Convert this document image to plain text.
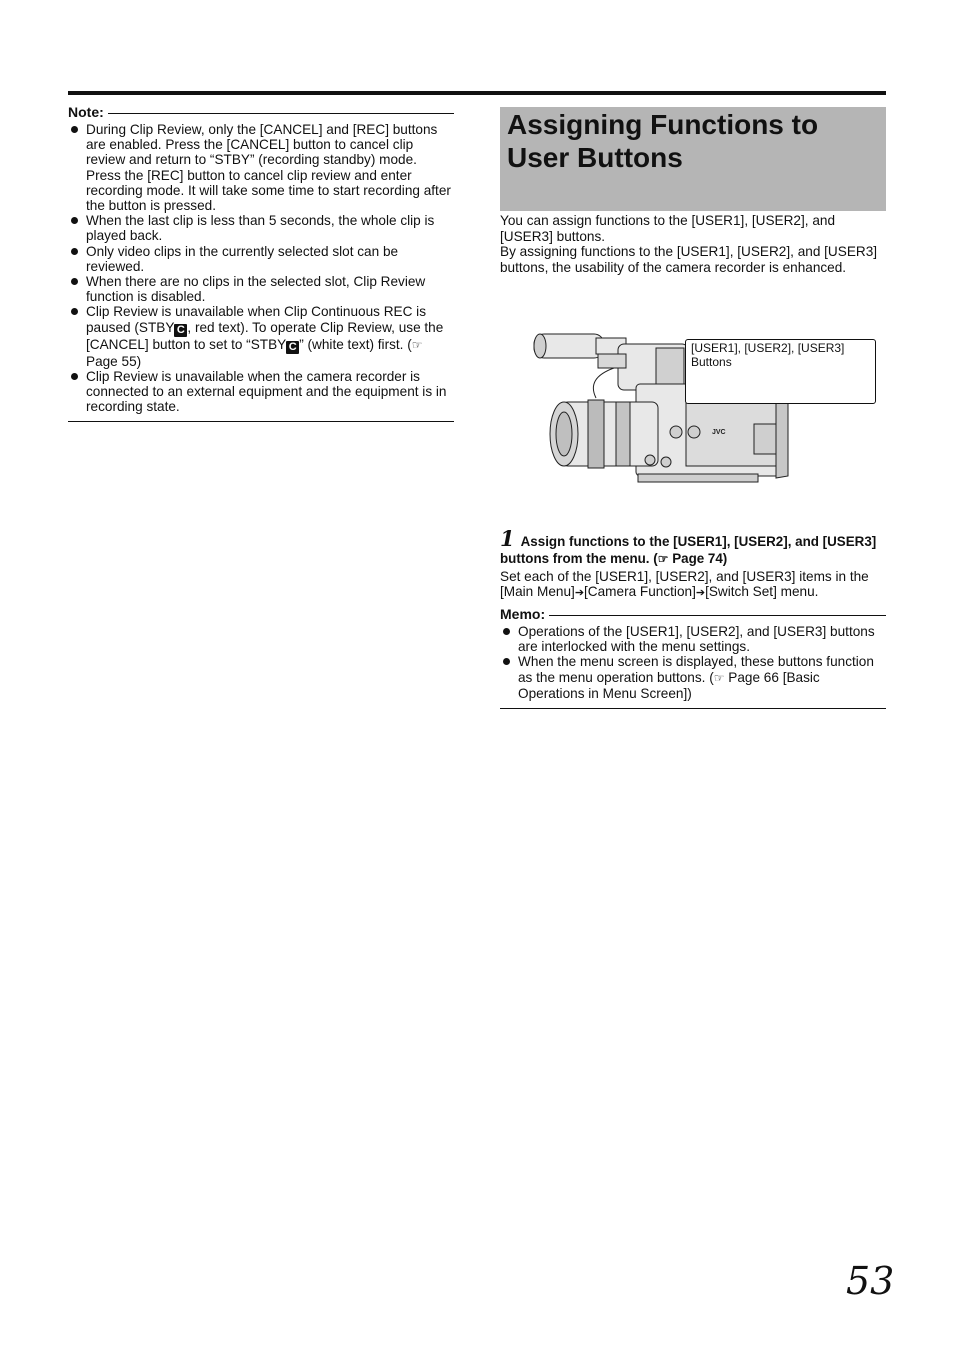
Note:
During Clip Review, only the [CANCEL] and [REC] buttons are enabled. Press the [CANCEL] button to cancel clip review and return to “STBY” (recording standby) mode. Press the [REC] button to cancel clip review and enter recording mode. It will take some time to start recording after the button is pressed.
When the last clip is less than 5 seconds, the whole clip is played back.
Only video clips in the currently selected slot can be reviewed.
When there are no clips in the selected slot, Clip Review function is disabled.
Clip Review is unavailable when Clip Continuous REC is paused (STBY C , red text). To operate Clip Review, use the [CANCEL] button to set to “STBY C ” (white text) first. (☞ Page 55)
Clip Review is unavailable when the camera recorder is connected to an external equipment and the equipment is in recording state.
Assigning Functions to User Buttons

You can assign functions to the [USER1], [USER2], and [USER3] buttons.

By assigning functions to the [USER1], [USER2], and [USER3] buttons, the usability of the camera recorder is enhanced.

JVC
[USER1], [USER2], [USER3]
Buttons
1 Assign functions to the [USER1], [USER2], and [USER3] buttons from the menu. (☞ Page 74)
Set each of the [USER1], [USER2], and [USER3] items in the [Main Menu]➔[Camera Function]➔[Switch Set] menu.
Memo:
Operations of the [USER1], [USER2], and [USER3] buttons are interlocked with the menu settings.
When the menu screen is displayed, these buttons function as the menu operation buttons. (☞ Page 66 [Basic Operations in Menu Screen])
53
